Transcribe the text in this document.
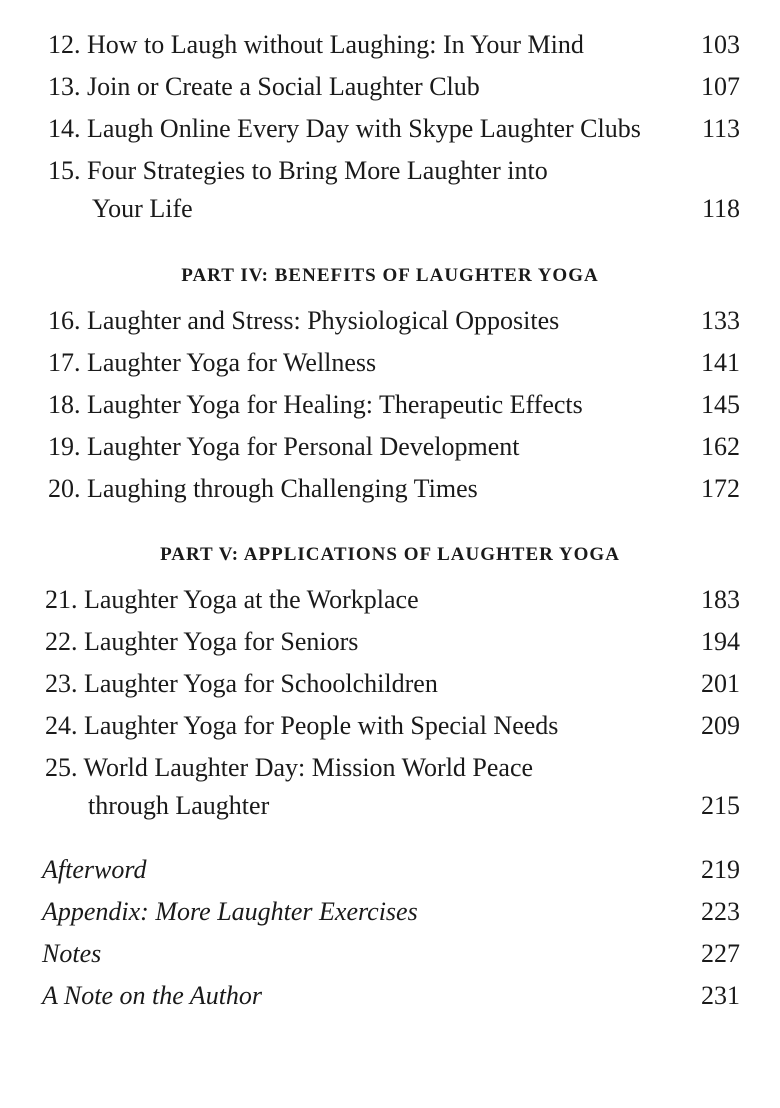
12. How to Laugh without Laughing: In Your Mind	103
13. Join or Create a Social Laughter Club	107
14. Laugh Online Every Day with Skype Laughter Clubs 113
15. Four Strategies to Bring More Laughter into
Your Life	118
PART IV: BENEFITS OF LAUGHTER YOGA
16. Laughter and Stress: Physiological Opposites	133
17. Laughter Yoga for Wellness	141
18. Laughter Yoga for Healing: Therapeutic Effects	145
19. Laughter Yoga for Personal Development	162
20. Laughing through Challenging Times	172
PART V: APPLICATIONS OF LAUGHTER YOGA
21. Laughter Yoga at the Workplace	183
22. Laughter Yoga for Seniors	194
23. Laughter Yoga for Schoolchildren	201
24. Laughter Yoga for People with Special Needs	209
25. World Laughter Day: Mission World Peace
through Laughter	215
Afterword	219
Appendix: More Laughter Exercises	223
Notes	227
A Note on the Author	231
